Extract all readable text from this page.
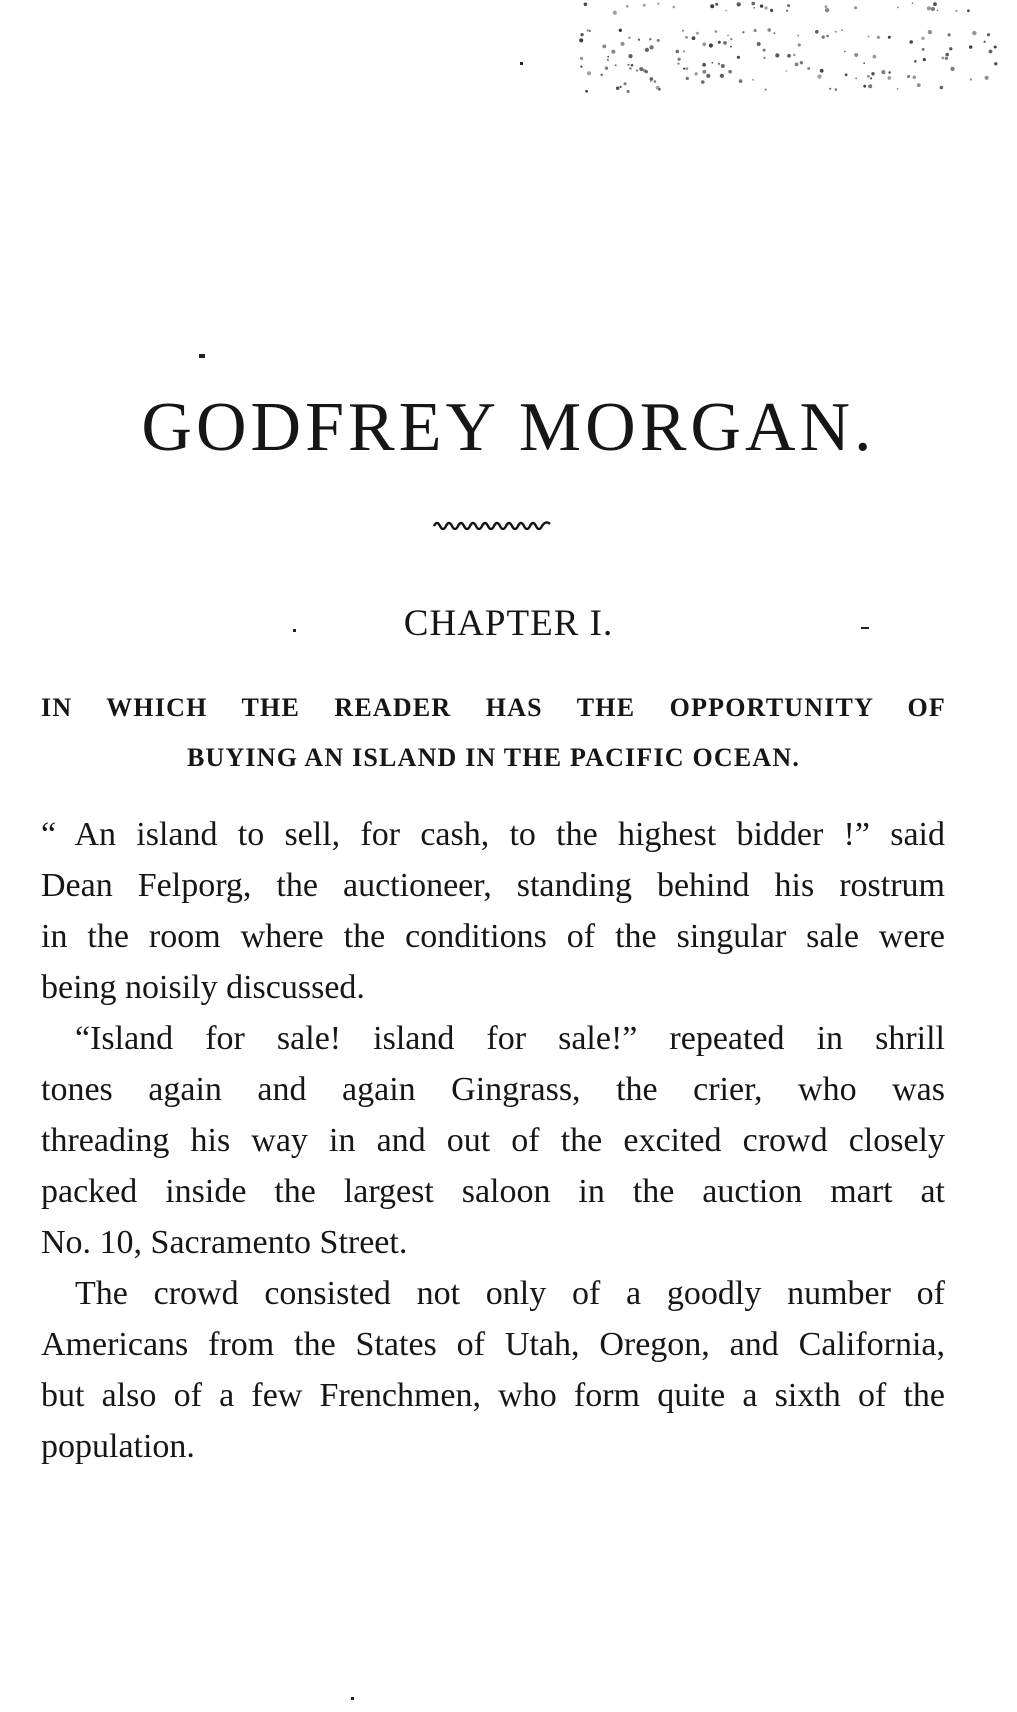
GODFREY MORGAN.
CHAPTER I.

IN WHICH THE READER HAS THE OPPORTUNITY OF

BUYING AN ISLAND IN THE PACIFIC OCEAN.

“ An island to sell, for cash, to the highest bidder !” said
Dean Felporg, the auctioneer, standing behind his rostrum
in the room where the conditions of the singular sale were
being noisily discussed.
“Island for sale! island for sale!” repeated in shrill
tones again and again Gingrass, the crier, who was
threading his way in and out of the excited crowd closely
packed inside the largest saloon in the auction mart at
No. 10, Sacramento Street.
The crowd consisted not only of a goodly number of
Americans from the States of Utah, Oregon, and California,
but also of a few Frenchmen, who form quite a sixth of the
population.
